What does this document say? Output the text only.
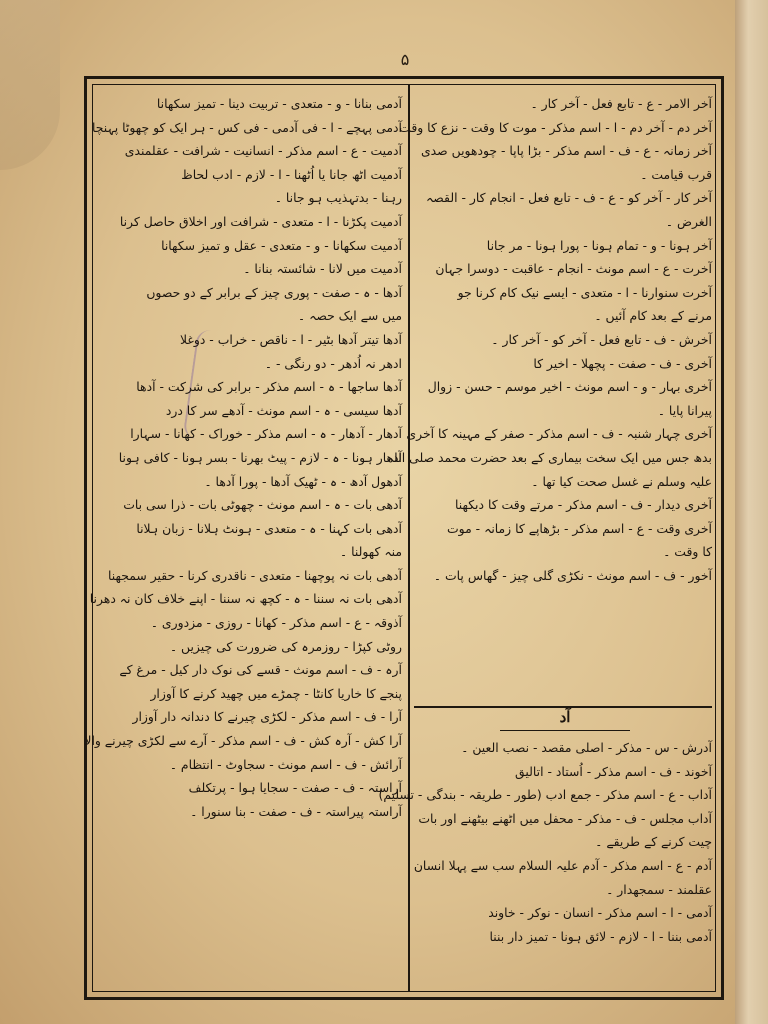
۵
آخر الامر - ع - تابع فعل - آخر کار ۔
آخر دم - آخر دم - ا - اسم مذکر - موت کا وقت - نزع کا وقت
آخر زمانہ - ع - ف - اسم مذکر - بڑا پاپا - چودھویں صدی
قرب قیامت ۔
آخر کار - آخر کو - ع - ف - تابع فعل - انجام کار - القصہ
الغرض ۔
آخر ہونا - و - تمام ہونا - پورا ہونا - مر جانا
آخرت - ع - اسم مونث - انجام - عاقبت - دوسرا جہان
آخرت سنوارنا - ا - متعدی - ایسے نیک کام کرنا جو
مرنے کے بعد کام آئیں ۔
آخرش - ف - تابع فعل - آخر کو - آخر کار ۔
آخری - ف - صفت - پچھلا - اخیر کا
آخری بہار - و - اسم مونث - اخیر موسم - حسن - زوال
پیرانا پایا ۔
آخری چہار شنبہ - ف - اسم مذکر - صفر کے مہینہ کا آخری
بدھ جس میں ایک سخت بیماری کے بعد حضرت محمد صلی اللہ
علیہ وسلم نے غسل صحت کیا تھا ۔
آخری دیدار - ف - اسم مذکر - مرتے وقت کا دیکھنا
آخری وقت - ع - اسم مذکر - بڑھاپے کا زمانہ - موت
کا وقت ۔
آخور - ف - اسم مونث - نکڑی گلی چیز - گھاس پات ۔
آد
آدرش - س - مذکر - اصلی مقصد - نصب العین ۔
آخوند - ف - اسم مذکر - اُستاد - اتالیق
آداب - ع - اسم مذکر - جمع ادب (طور - طریقہ - بندگی - تسلیم)
آداب مجلس - ف - مذکر - محفل میں اٹھنے بیٹھنے اور بات
چیت کرنے کے طریقے ۔
آدم - ع - اسم مذکر - آدم علیہ السلام سب سے پہلا انسان
عقلمند - سمجھدار ۔
آدمی - ا - اسم مذکر - انسان - نوکر - خاوند
آدمی بننا - ا - لازم - لائق ہونا - تمیز دار بننا
آدمی بنانا - و - متعدی - تربیت دینا - تمیز سکھانا
آدمی پہچے - ا - فی آدمی - فی کس - ہر ایک کو چھوٹا پہنچا
آدمیت - ع - اسم مذکر - انسانیت - شرافت - عقلمندی
آدمیت اٹھ جانا یا اُٹھنا - ا - لازم - ادب لحاظ
رہنا - بدتہذیب ہو جانا ۔
آدمیت پکڑنا - ا - متعدی - شرافت اور اخلاق حاصل کرنا
آدمیت سکھانا - و - متعدی - عقل و تمیز سکھانا
آدمیت میں لانا - شائستہ بنانا ۔
آدھا - ہ - صفت - پوری چیز کے برابر کے دو حصوں
میں سے ایک حصہ ۔
آدھا تیتر آدھا بٹیر - ا - ناقص - خراب - دوغلا
ادھر نہ اُدھر - دو رنگی - ۔
آدھا ساجھا - ہ - اسم مذکر - برابر کی شرکت - آدھا
آدھا سیسی - ہ - اسم مونث - آدھے سر کا درد
آدھار - آدھار - ہ - اسم مذکر - خوراک - کھانا - سہارا
آدھار ہونا - ہ - لازم - پیٹ بھرنا - بسر ہونا - کافی ہونا
آدھول آدھ - ہ - ٹھیک آدھا - پورا آدھا ۔
آدھی بات - ہ - اسم مونث - چھوٹی بات - ذرا سی بات
آدھی بات کہنا - ہ - متعدی - ہونٹ ہلانا - زبان ہلانا
منہ کھولنا ۔
آدھی بات نہ پوچھنا - متعدی - ناقدری کرنا - حقیر سمجھنا
آدھی بات نہ سننا - ہ - کچھ نہ سننا - اپنے خلاف کان نہ دھرنا
آذوقہ - ع - اسم مذکر - کھانا - روزی - مزدوری ۔
روٹی کپڑا - روزمرہ کی ضرورت کی چیزیں ۔
آرہ - ف - اسم مونث - قسے کی نوک دار کیل - مرغ کے
پنجے کا خاریا کانٹا - چمڑے میں چھید کرنے کا آوزار
آرا - ف - اسم مذکر - لکڑی چیرنے کا دندانہ دار آوزار
آرا کش - آرہ کش - ف - اسم مذکر - آرے سے لکڑی چیرنے والا
آرائش - ف - اسم مونث - سجاوٹ - انتظام ۔
آراستہ - ف - صفت - سجایا ہوا - پرتکلف
آراستہ پیراستہ - ف - صفت - بنا سنورا ۔
